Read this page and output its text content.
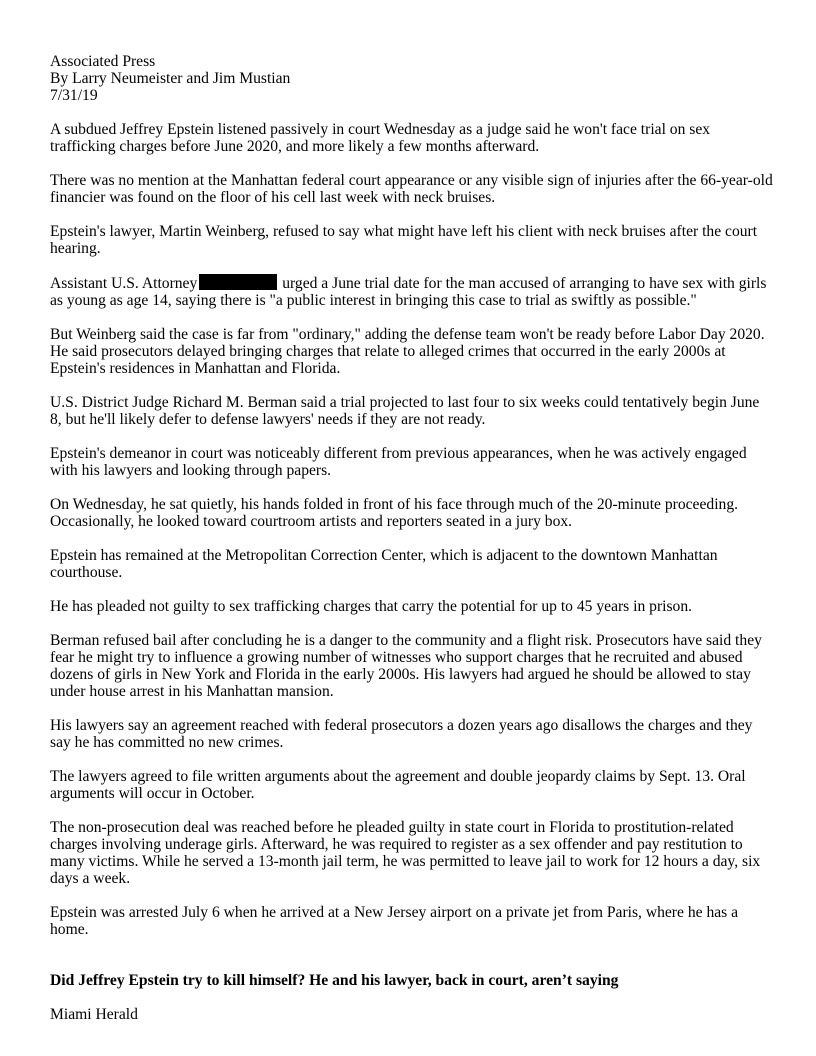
Associated Press
By Larry Neumeister and Jim Mustian
7/31/19

A subdued Jeffrey Epstein listened passively in court Wednesday as a judge said he won't face trial on sex trafficking charges before June 2020, and more likely a few months afterward.

There was no mention at the Manhattan federal court appearance or any visible sign of injuries after the 66-year-old financier was found on the floor of his cell last week with neck bruises.

Epstein's lawyer, Martin Weinberg, refused to say what might have left his client with neck bruises after the court hearing.

Assistant U.S. Attorney	urged a June trial date for the man accused of arranging to have sex with girls as young as age 14, saying there is "a public interest in bringing this case to trial as swiftly as possible."

But Weinberg said the case is far from "ordinary," adding the defense team won't be ready before Labor Day 2020. He said prosecutors delayed bringing charges that relate to alleged crimes that occurred in the early 2000s at Epstein's residences in Manhattan and Florida.

U.S. District Judge Richard M. Berman said a trial projected to last four to six weeks could tentatively begin June 8, but he'll likely defer to defense lawyers' needs if they are not ready.

Epstein's demeanor in court was noticeably different from previous appearances, when he was actively engaged with his lawyers and looking through papers.

On Wednesday, he sat quietly, his hands folded in front of his face through much of the 20-minute proceeding. Occasionally, he looked toward courtroom artists and reporters seated in a jury box.

Epstein has remained at the Metropolitan Correction Center, which is adjacent to the downtown Manhattan courthouse.

He has pleaded not guilty to sex trafficking charges that carry the potential for up to 45 years in prison.

Berman refused bail after concluding he is a danger to the community and a flight risk. Prosecutors have said they fear he might try to influence a growing number of witnesses who support charges that he recruited and abused dozens of girls in New York and Florida in the early 2000s. His lawyers had argued he should be allowed to stay under house arrest in his Manhattan mansion.

His lawyers say an agreement reached with federal prosecutors a dozen years ago disallows the charges and they say he has committed no new crimes.

The lawyers agreed to file written arguments about the agreement and double jeopardy claims by Sept. 13. Oral arguments will occur in October.

The non-prosecution deal was reached before he pleaded guilty in state court in Florida to prostitution-related charges involving underage girls. Afterward, he was required to register as a sex offender and pay restitution to many victims. While he served a 13-month jail term, he was permitted to leave jail to work for 12 hours a day, six days a week.

Epstein was arrested July 6 when he arrived at a New Jersey airport on a private jet from Paris, where he has a home.

Did Jeffrey Epstein try to kill himself? He and his lawyer, back in court, aren’t saying

Miami Herald
